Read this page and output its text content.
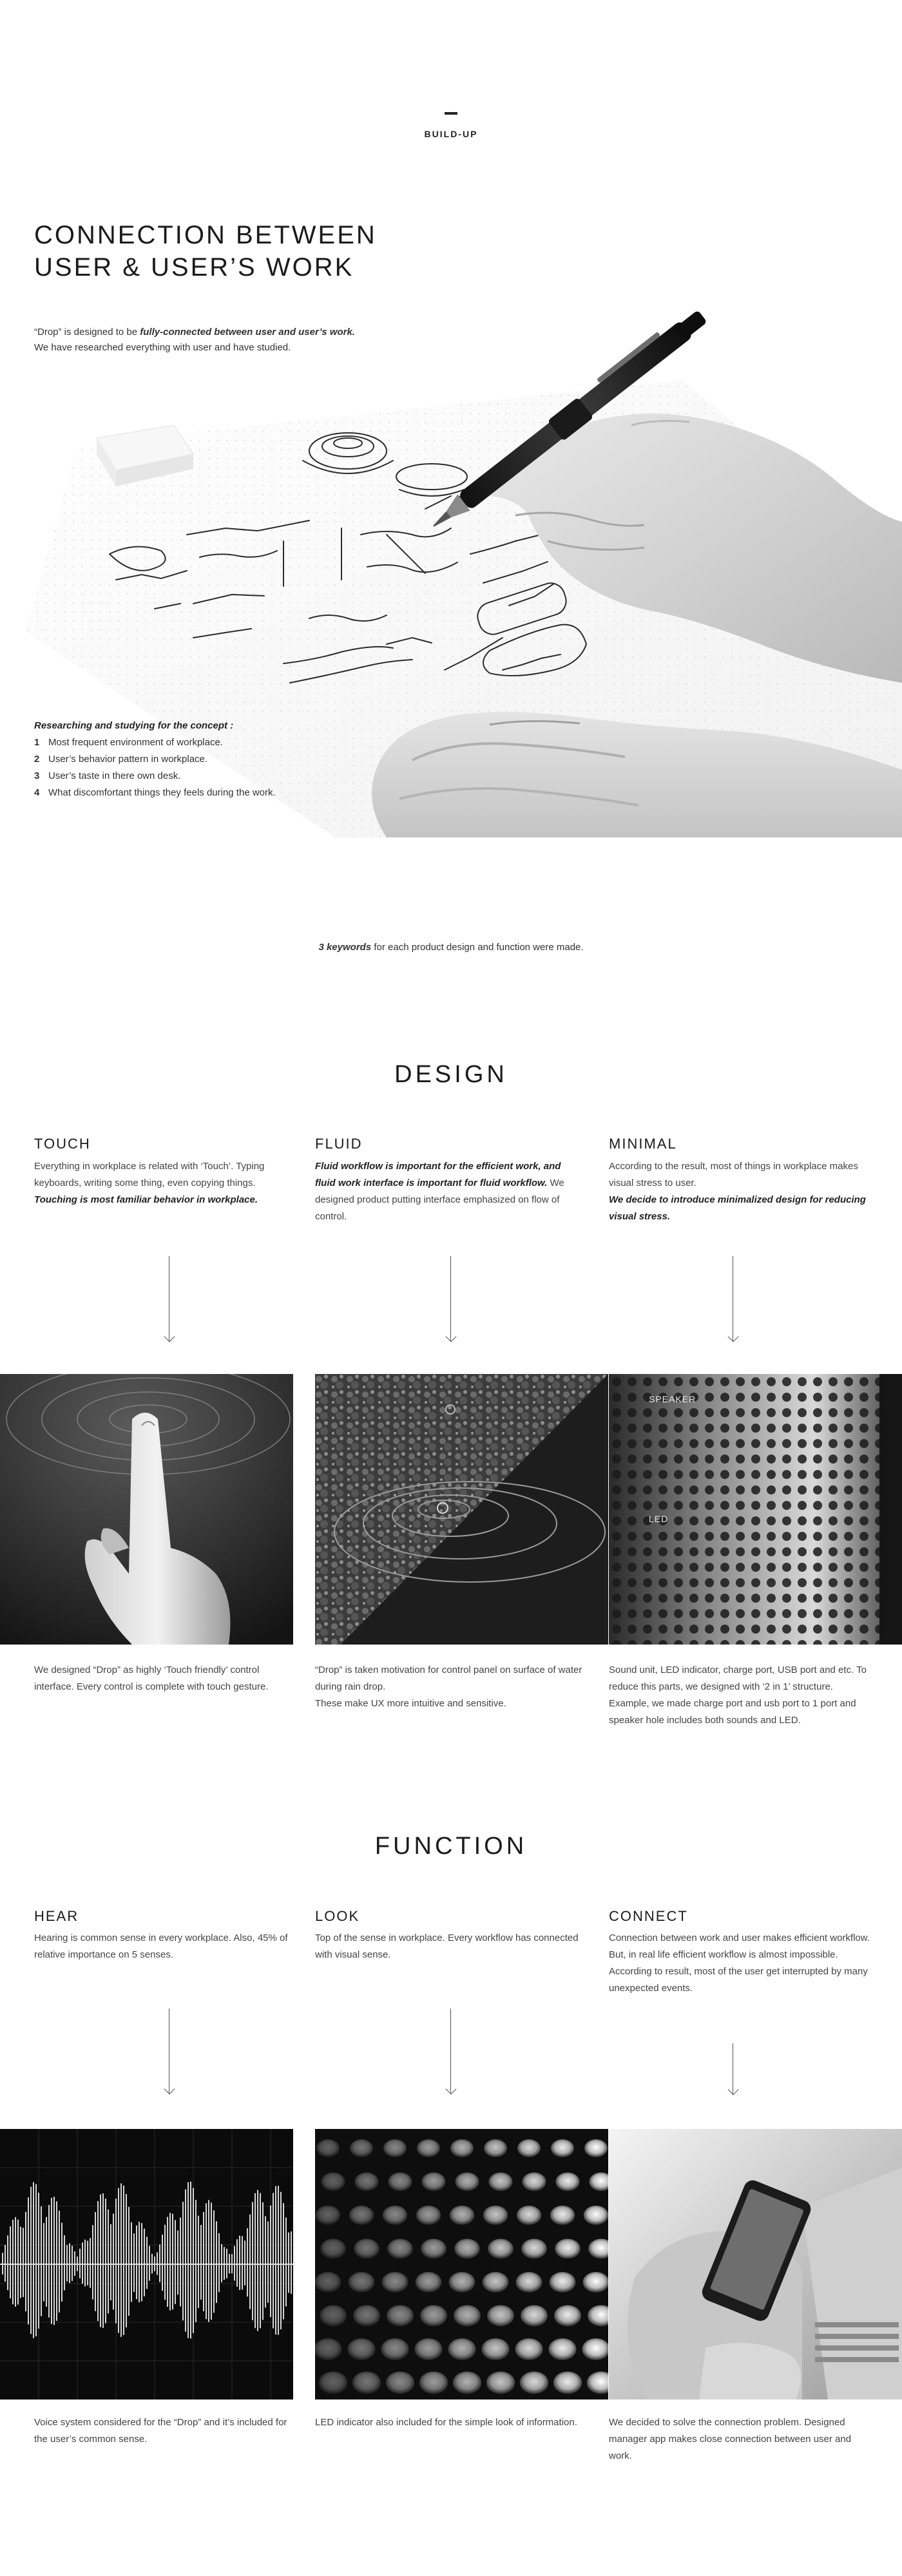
BUILD-UP
CONNECTION BETWEEN
USER & USER’S WORK
“Drop” is designed to be fully-connected between user and user’s work.
We have researched everything with user and have studied.
Researching and studying for the concept :
1 Most frequent environment of workplace.
2 User’s behavior pattern in workplace.
3 User’s taste in there own desk.
4 What discomfortant things they feels during the work.
3 keywords for each product design and function were made.
DESIGN
TOUCH
Everything in workplace is related with ‘Touch’. Typing keyboards, writing some thing, even copying things. Touching is most familiar behavior in workplace.
FLUID
Fluid workflow is important for the efficient work, and fluid work interface is important for fluid workflow. We designed product putting interface emphasized on flow of control.
MINIMAL
According to the result, most of things in workplace makes visual stress to user.
We decide to introduce minimalized design for reducing visual stress.
SPEAKER
LED
We designed “Drop” as highly ‘Touch friendly’ control interface. Every control is complete with touch gesture.
“Drop” is taken motivation for control panel on surface of water during rain drop.
These make UX more intuitive and sensitive.
Sound unit, LED indicator, charge port, USB port and etc. To reduce this parts, we designed with ‘2 in 1’ structure. Example, we made charge port and usb port to 1 port and speaker hole includes both sounds and LED.
FUNCTION
HEAR
Hearing is common sense in every workplace. Also, 45% of relative importance on 5 senses.
LOOK
Top of the sense in workplace. Every workflow has connected with visual sense.
CONNECT
Connection between work and user makes efficient workflow. But, in real life efficient workflow is almost impossible. According to result, most of the user get interrupted by many unexpected events.
Voice system considered for the “Drop” and it’s included for the user’s common sense.
LED indicator also included for the simple look of information.	We decided to solve the connection problem. Designed manager app makes close connection between user and work.
